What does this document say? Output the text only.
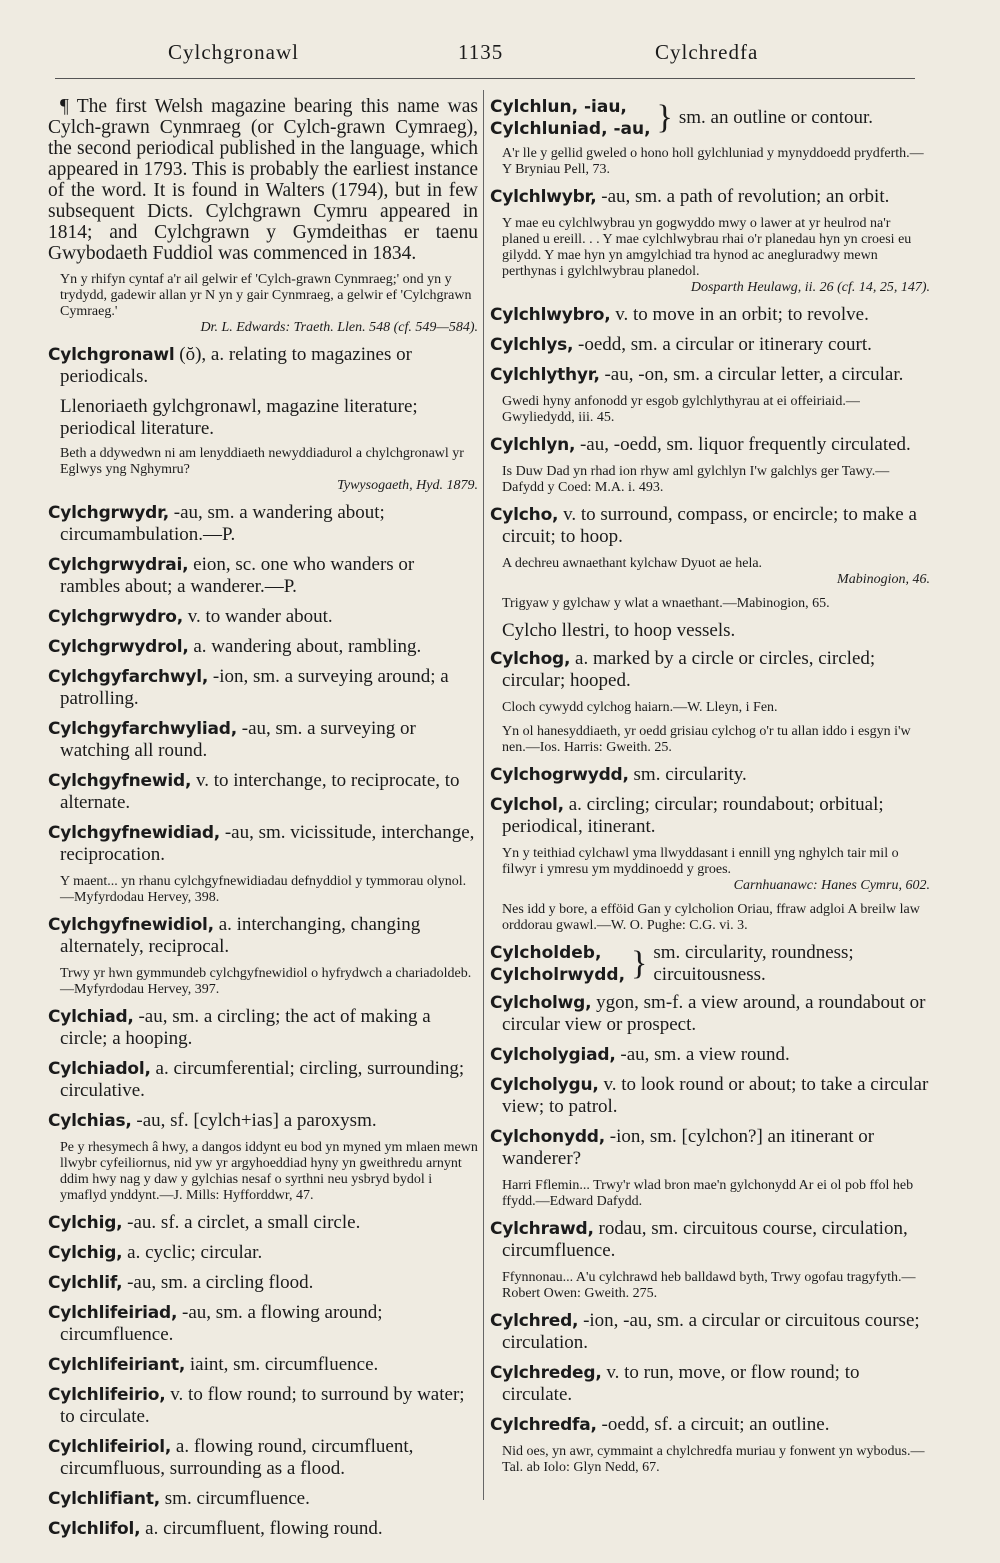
Cylchgronawl	1135	Cylchredfa

¶ The first Welsh magazine bearing this name was Cylch-grawn Cynmraeg (or Cylch-grawn Cymraeg), the second periodical published in the language, which appeared in 1793. This is probably the earliest instance of the word. It is found in Walters (1794), but in few subsequent Dicts. Cylchgrawn Cymru appeared in 1814; and Cylchgrawn y Gymdeithas er taenu Gwybodaeth Fuddiol was commenced in 1834.

Yn y rhifyn cyntaf a'r ail gelwir ef 'Cylch-grawn Cynmraeg;' ond yn y trydydd, gadewir allan yr N yn y gair Cynmraeg, a gelwir ef 'Cylchgrawn Cymraeg.'
Dr. L. Edwards: Traeth. Llen. 548 (cf. 549—584).
Cylchgronawl (ŏ), a. relating to magazines or periodicals.
Llenoriaeth gylchgronawl, magazine literature; periodical literature.
Beth a ddywedwn ni am lenyddiaeth newyddiadurol a chylchgronawl yr Eglwys yng Nghymru?
Tywysogaeth, Hyd. 1879.
Cylchgrwydr, -au, sm. a wandering about; circumambulation.—P.
Cylchgrwydrai, eion, sc. one who wanders or rambles about; a wanderer.—P.
Cylchgrwydro, v. to wander about.
Cylchgrwydrol, a. wandering about, rambling.
Cylchgyfarchwyl, -ion, sm. a surveying around; a patrolling.
Cylchgyfarchwyliad, -au, sm. a surveying or watching all round.
Cylchgyfnewid, v. to interchange, to reciprocate, to alternate.
Cylchgyfnewidiad, -au, sm. vicissitude, interchange, reciprocation.
Y maent... yn rhanu cylchgyfnewidiadau defnyddiol y tymmorau olynol.—Myfyrdodau Hervey, 398.
Cylchgyfnewidiol, a. interchanging, changing alternately, reciprocal.
Trwy yr hwn gymmundeb cylchgyfnewidiol o hyfrydwch a chariadoldeb.—Myfyrdodau Hervey, 397.
Cylchiad, -au, sm. a circling; the act of making a circle; a hooping.
Cylchiadol, a. circumferential; circling, surrounding; circulative.
Cylchias, -au, sf. [cylch+ias] a paroxysm.
Pe y rhesymech â hwy, a dangos iddynt eu bod yn myned ym mlaen mewn llwybr cyfeiliornus, nid yw yr argyhoeddiad hyny yn gweithredu arnynt ddim hwy nag y daw y gylchias nesaf o syrthni neu ysbryd bydol i ymaflyd ynddynt.—J. Mills: Hyfforddwr, 47.
Cylchig, -au. sf. a circlet, a small circle.
Cylchig, a. cyclic; circular.
Cylchlif, -au, sm. a circling flood.
Cylchlifeiriad, -au, sm. a flowing around; circumfluence.
Cylchlifeiriant, iaint, sm. circumfluence.
Cylchlifeirio, v. to flow round; to surround by water; to circulate.
Cylchlifeiriol, a. flowing round, circumfluent, circumfluous, surrounding as a flood.
Cylchlifiant, sm. circumfluence.
Cylchlifol, a. circumfluent, flowing round.
Cylchlun, -iau,
Cylchluniad, -au, } sm. an outline or contour.
A'r lle y gellid gweled o hono holl gylchluniad y mynyddoedd prydferth.—Y Bryniau Pell, 73.
Cylchlwybr, -au, sm. a path of revolution; an orbit.
Y mae eu cylchlwybrau yn gogwyddo mwy o lawer at yr heulrod na'r planed u ereill. . . Y mae cylchlwybrau rhai o'r planedau hyn yn croesi eu gilydd. Y mae hyn yn amgylchiad tra hynod ac anegluradwy mewn perthynas i gylchlwybrau planedol.
Dosparth Heulawg, ii. 26 (cf. 14, 25, 147).
Cylchlwybro, v. to move in an orbit; to revolve.
Cylchlys, -oedd, sm. a circular or itinerary court.
Cylchlythyr, -au, -on, sm. a circular letter, a circular.
Gwedi hyny anfonodd yr esgob gylchlythyrau at ei offeiriaid.—Gwyliedydd, iii. 45.
Cylchlyn, -au, -oedd, sm. liquor frequently circulated.
Is Duw Dad yn rhad ion rhyw aml gylchlyn I'w galchlys ger Tawy.—Dafydd y Coed: M.A. i. 493.
Cylcho, v. to surround, compass, or encircle; to make a circuit; to hoop.
A dechreu awnaethant kylchaw Dyuot ae hela.
Mabinogion, 46.
Trigyaw y gylchaw y wlat a wnaethant.—Mabinogion, 65.
Cylcho llestri, to hoop vessels.
Cylchog, a. marked by a circle or circles, circled; circular; hooped.
Cloch cywydd cylchog haiarn.—W. Lleyn, i Fen.
Yn ol hanesyddiaeth, yr oedd grisiau cylchog o'r tu allan iddo i esgyn i'w nen.—Ios. Harris: Gweith. 25.
Cylchogrwydd, sm. circularity.
Cylchol, a. circling; circular; roundabout; orbitual; periodical, itinerant.
Yn y teithiad cylchawl yma llwyddasant i ennill yng nghylch tair mil o filwyr i ymresu ym myddinoedd y groes.
Carnhuanawc: Hanes Cymru, 602.
Nes idd y bore, a efföid Gan y cylcholion Oriau, ffraw adgloi A breilw law orddorau gwawl.—W. O. Pughe: C.G. vi. 3.
Cylcholdeb,
Cylcholrwydd, } sm. circularity, roundness; circuitousness.
Cylcholwg, ygon, sm-f. a view around, a roundabout or circular view or prospect.
Cylcholygiad, -au, sm. a view round.
Cylcholygu, v. to look round or about; to take a circular view; to patrol.
Cylchonydd, -ion, sm. [cylchon?] an itinerant or wanderer?
Harri Fflemin... Trwy'r wlad bron mae'n gylchonydd Ar ei ol pob ffol heb ffydd.—Edward Dafydd.
Cylchrawd, rodau, sm. circuitous course, circulation, circumfluence.
Ffynnonau... A'u cylchrawd heb balldawd byth, Trwy ogofau tragyfyth.—Robert Owen: Gweith. 275.
Cylchred, -ion, -au, sm. a circular or circuitous course; circulation.
Cylchredeg, v. to run, move, or flow round; to circulate.
Cylchredfa, -oedd, sf. a circuit; an outline.
Nid oes, yn awr, cymmaint a chylchredfa muriau y fonwent yn wybodus.—Tal. ab Iolo: Glyn Nedd, 67.
